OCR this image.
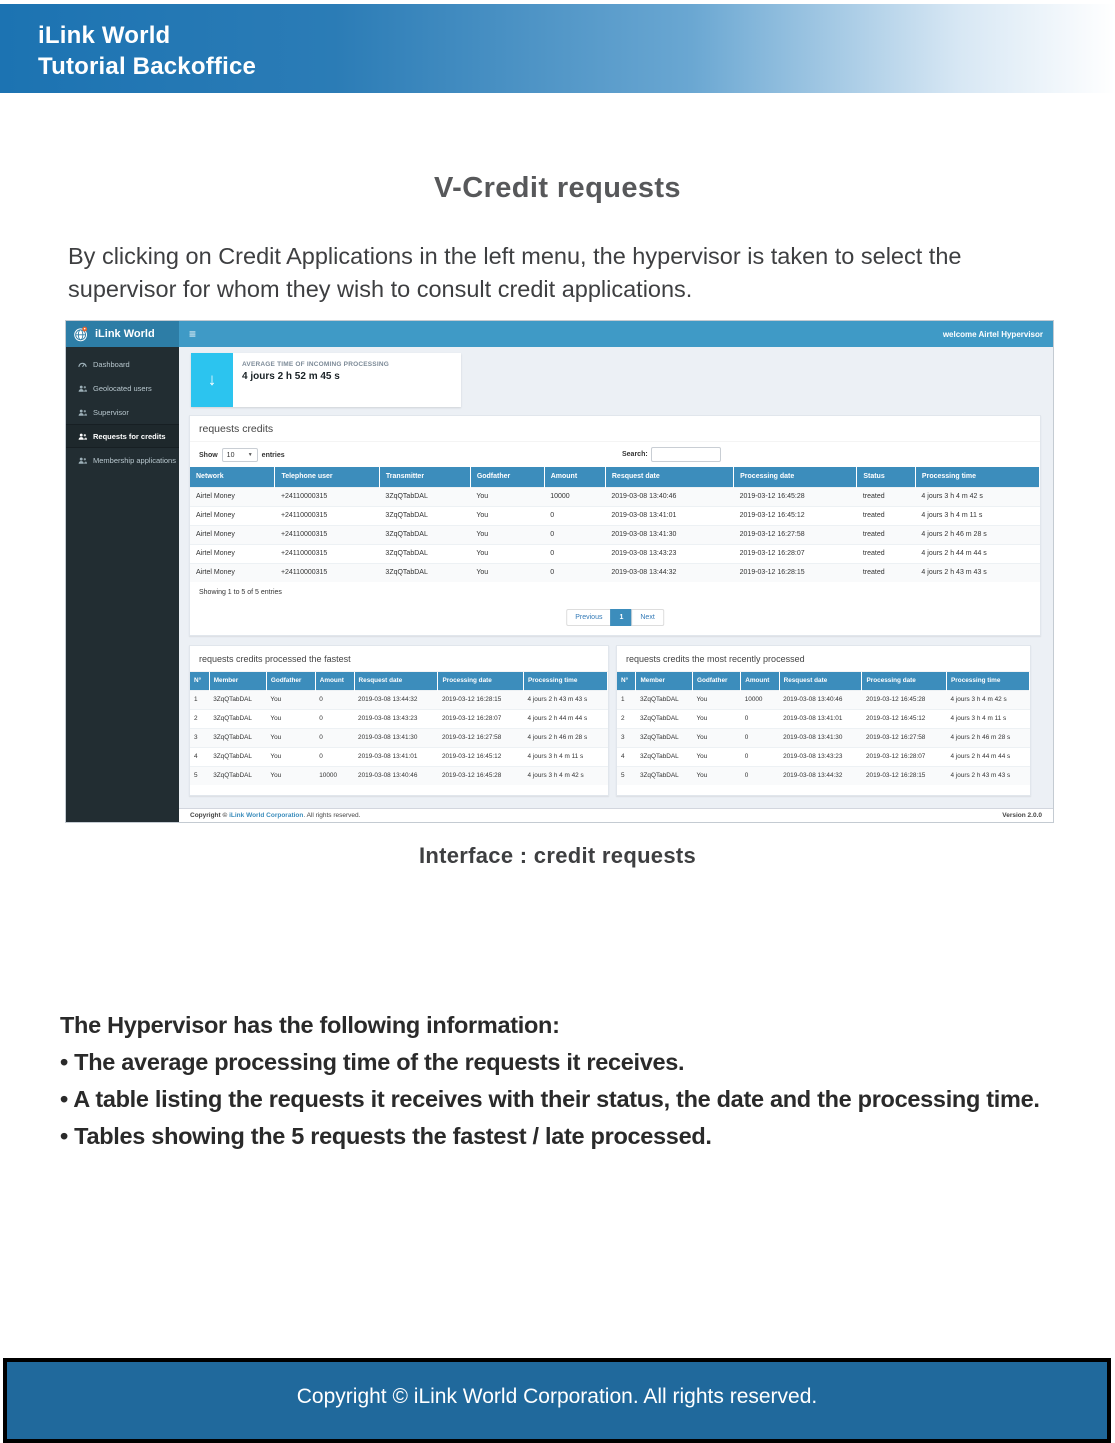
iLink World
Tutorial Backoffice
V-Credit requests
By clicking on Credit Applications in the left menu, the hypervisor is taken to select the supervisor for whom they wish to consult credit applications.
iLink World	≡	welcome Airtel Hypervisor
Dashboard
Geolocated users
Supervisor
Requests for credits
Membership applications
↓
AVERAGE TIME OF INCOMING PROCESSING
4 jours 2 h 52 m 45 s
requests credits
Show 10	▼ entries	Search:
Network	Telephone user	Transmitter	Godfather	Amount	Resquest date	Processing date	Status	Processing time
Airtel Money	+24110000315	3ZqQTabDAL	You	10000	2019-03-08 13:40:46	2019-03-12 16:45:28	treated	4 jours 3 h 4 m 42 s
Airtel Money	+24110000315	3ZqQTabDAL	You	0	2019-03-08 13:41:01	2019-03-12 16:45:12	treated	4 jours 3 h 4 m 11 s
Airtel Money	+24110000315	3ZqQTabDAL	You	0	2019-03-08 13:41:30	2019-03-12 16:27:58	treated	4 jours 2 h 46 m 28 s
Airtel Money	+24110000315	3ZqQTabDAL	You	0	2019-03-08 13:43:23	2019-03-12 16:28:07	treated	4 jours 2 h 44 m 44 s
Airtel Money	+24110000315	3ZqQTabDAL	You	0	2019-03-08 13:44:32	2019-03-12 16:28:15	treated	4 jours 2 h 43 m 43 s
Showing 1 to 5 of 5 entries
Previous	1	Next
requests credits processed the fastest
N°	Member	Godfather	Amount	Resquest date	Processing date	Processing time
1	3ZqQTabDAL	You	0	2019-03-08 13:44:32	2019-03-12 16:28:15	4 jours 2 h 43 m 43 s
2	3ZqQTabDAL	You	0	2019-03-08 13:43:23	2019-03-12 16:28:07	4 jours 2 h 44 m 44 s
3	3ZqQTabDAL	You	0	2019-03-08 13:41:30	2019-03-12 16:27:58	4 jours 2 h 46 m 28 s
4	3ZqQTabDAL	You	0	2019-03-08 13:41:01	2019-03-12 16:45:12	4 jours 3 h 4 m 11 s
5	3ZqQTabDAL	You	10000	2019-03-08 13:40:46	2019-03-12 16:45:28	4 jours 3 h 4 m 42 s
requests credits the most recently processed
N°	Member	Godfather	Amount	Resquest date	Processing date	Processing time
1	3ZqQTabDAL	You	10000	2019-03-08 13:40:46	2019-03-12 16:45:28	4 jours 3 h 4 m 42 s
2	3ZqQTabDAL	You	0	2019-03-08 13:41:01	2019-03-12 16:45:12	4 jours 3 h 4 m 11 s
3	3ZqQTabDAL	You	0	2019-03-08 13:41:30	2019-03-12 16:27:58	4 jours 2 h 46 m 28 s
4	3ZqQTabDAL	You	0	2019-03-08 13:43:23	2019-03-12 16:28:07	4 jours 2 h 44 m 44 s
5	3ZqQTabDAL	You	0	2019-03-08 13:44:32	2019-03-12 16:28:15	4 jours 2 h 43 m 43 s
Copyright © iLink World Corporation. All rights reserved.	Version 2.0.0
Interface : credit requests
The Hypervisor has the following information:
• The average processing time of the requests it receives.
• A table listing the requests it receives with their status, the date and the processing time.
• Tables showing the 5 requests the fastest / late processed.
Copyright © iLink World Corporation. All rights reserved.
